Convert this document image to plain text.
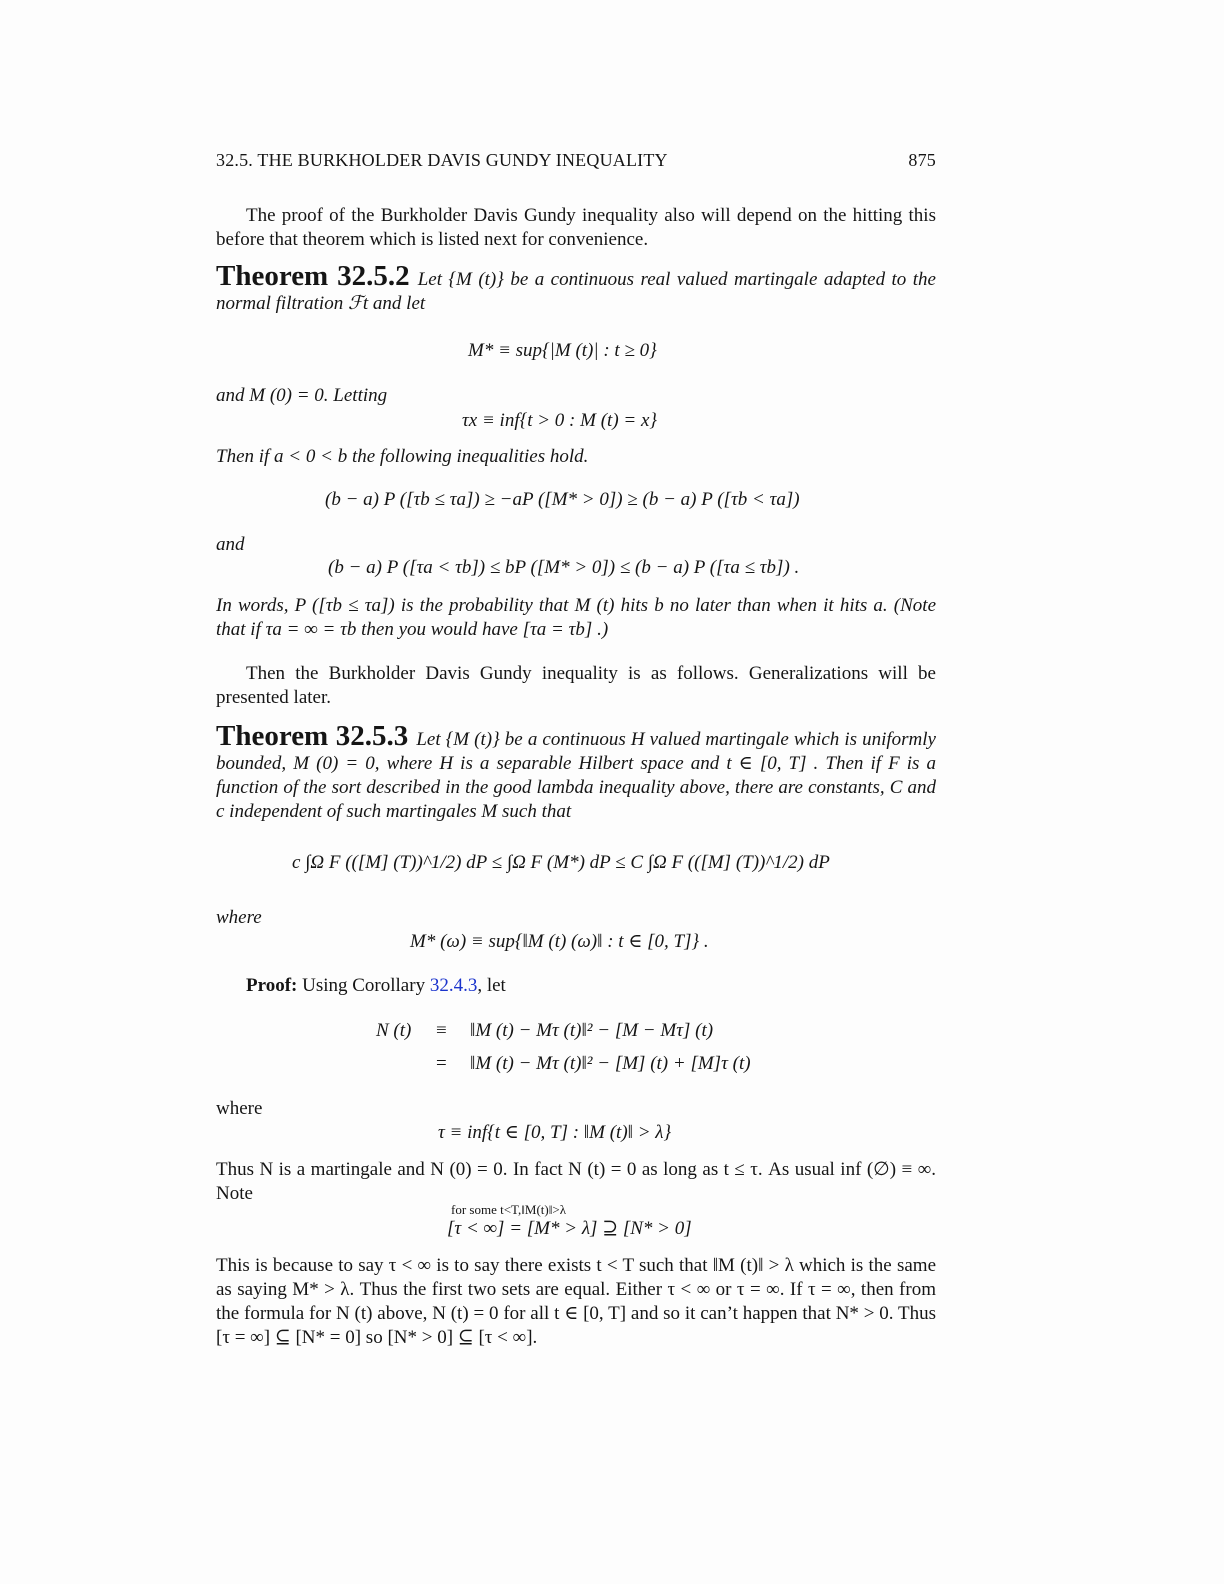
32.5. THE BURKHOLDER DAVIS GUNDY INEQUALITY	875
The proof of the Burkholder Davis Gundy inequality also will depend on the hitting this before that theorem which is listed next for convenience.
Theorem 32.5.2 Let {M (t)} be a continuous real valued martingale adapted to the normal filtration ℱt and let
M* ≡ sup{|M (t)| : t ≥ 0}
and M (0) = 0. Letting
τx ≡ inf{t > 0 : M (t) = x}
Then if a < 0 < b the following inequalities hold.
(b − a) P ([τb ≤ τa]) ≥ −aP ([M* > 0]) ≥ (b − a) P ([τb < τa])
and
(b − a) P ([τa < τb]) ≤ bP ([M* > 0]) ≤ (b − a) P ([τa ≤ τb]) .
In words, P ([τb ≤ τa]) is the probability that M (t) hits b no later than when it hits a. (Note that if τa = ∞ = τb then you would have [τa = τb] .)
Then the Burkholder Davis Gundy inequality is as follows. Generalizations will be presented later.
Theorem 32.5.3 Let {M (t)} be a continuous H valued martingale which is uniformly bounded, M (0) = 0, where H is a separable Hilbert space and t ∈ [0, T] . Then if F is a function of the sort described in the good lambda inequality above, there are constants, C and c independent of such martingales M such that
c ∫Ω F (([M] (T))^1/2) dP ≤ ∫Ω F (M*) dP ≤ C ∫Ω F (([M] (T))^1/2) dP
where
M* (ω) ≡ sup{‖M (t) (ω)‖ : t ∈ [0, T]} .
Proof: Using Corollary 32.4.3, let
N (t) ≡ ‖M (t) − Mτ (t)‖² − [M − Mτ] (t)
= ‖M (t) − Mτ (t)‖² − [M] (t) + [M]τ (t)
where
τ ≡ inf{t ∈ [0, T] : ‖M (t)‖ > λ}
Thus N is a martingale and N (0) = 0. In fact N (t) = 0 as long as t ≤ τ. As usual inf (∅) ≡ ∞. Note
for some t<T,‖M(t)‖>λ
[τ < ∞] = [M* > λ] ⊇ [N* > 0]
This is because to say τ < ∞ is to say there exists t < T such that ‖M (t)‖ > λ which is the same as saying M* > λ. Thus the first two sets are equal. Either τ < ∞ or τ = ∞. If τ = ∞, then from the formula for N (t) above, N (t) = 0 for all t ∈ [0, T] and so it can’t happen that N* > 0. Thus [τ = ∞] ⊆ [N* = 0] so [N* > 0] ⊆ [τ < ∞].
